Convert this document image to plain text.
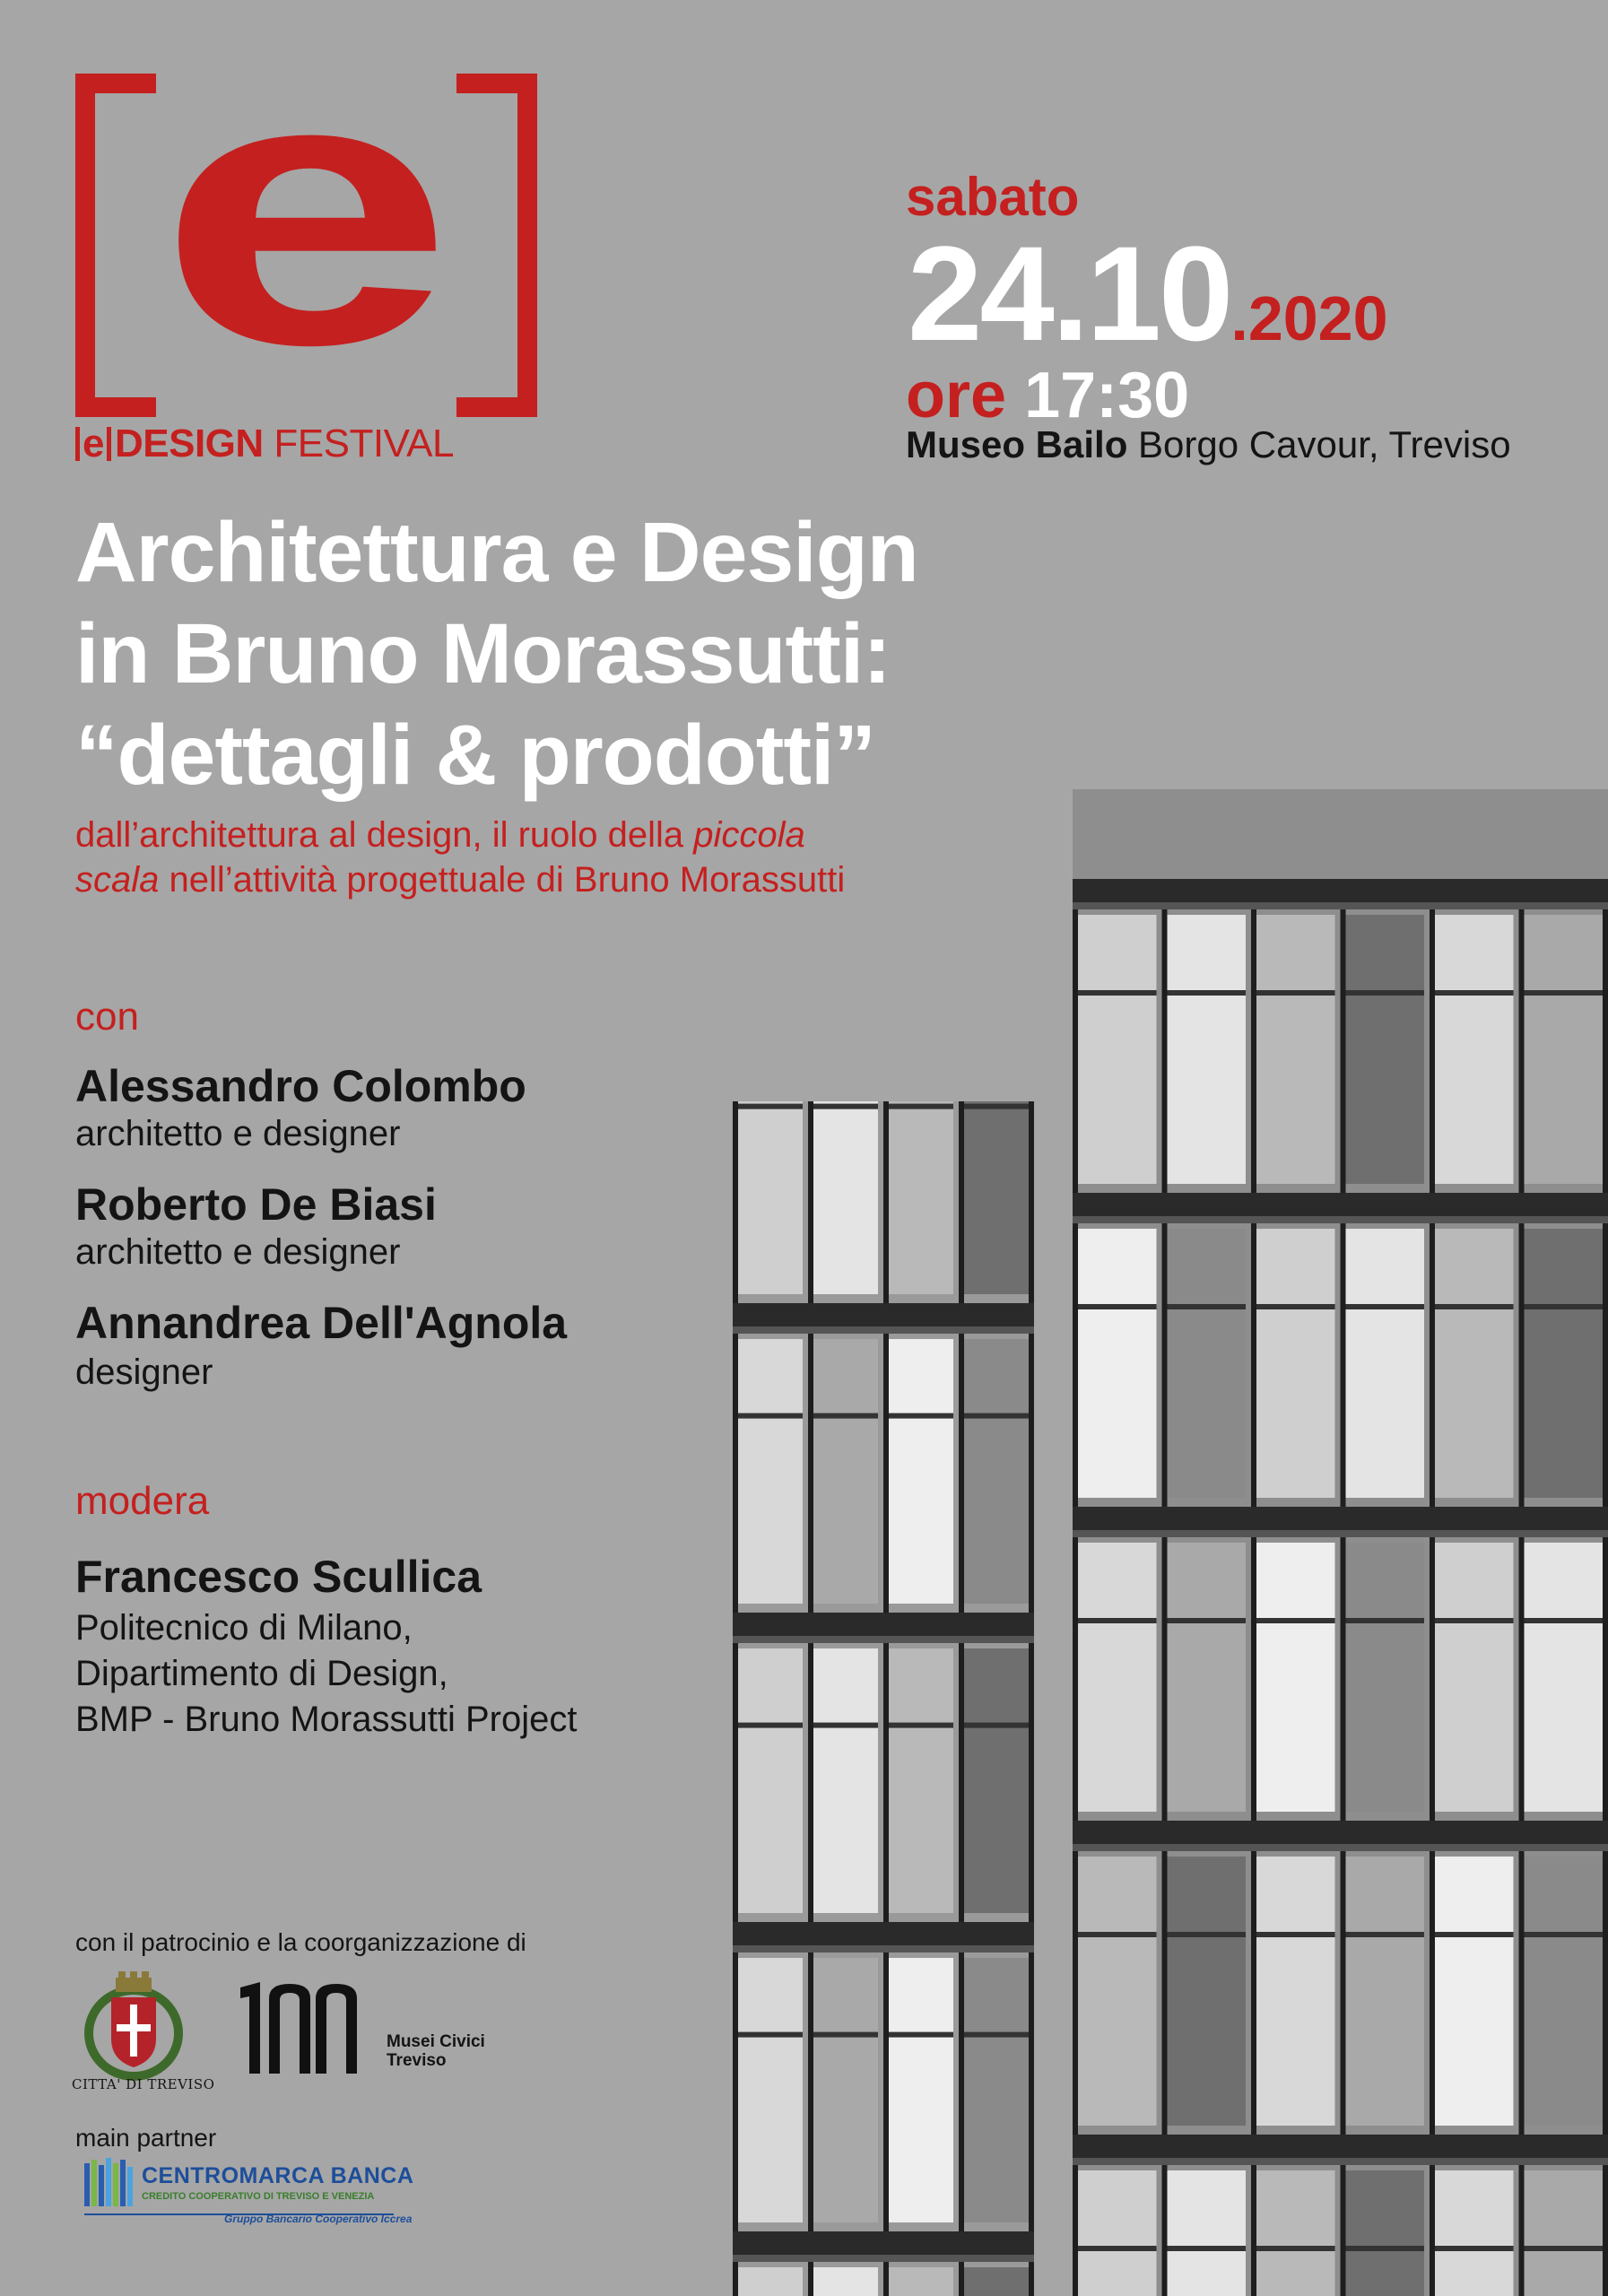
e
e DESIGN FESTIVAL
sabato
24.10.2020
ore 17:30
Museo Bailo Borgo Cavour, Treviso
Architettura e Design
in Bruno Morassutti:
“dettagli & prodotti”
dall’architettura al design, il ruolo della piccola
scala nell’attività progettuale di Bruno Morassutti
con
Alessandro Colombo
architetto e designer
Roberto De Biasi
architetto e designer
Annandrea Dell'Agnola
designer
modera
Francesco Scullica
Politecnico di Milano,
Dipartimento di Design,
BMP - Bruno Morassutti Project
con il patrocinio e la coorganizzazione di
CITTA' DI TREVISO
Musei Civici
Treviso
main partner
CENTROMARCA BANCA
CREDITO COOPERATIVO DI TREVISO E VENEZIA
Gruppo Bancario Cooperativo Iccrea
